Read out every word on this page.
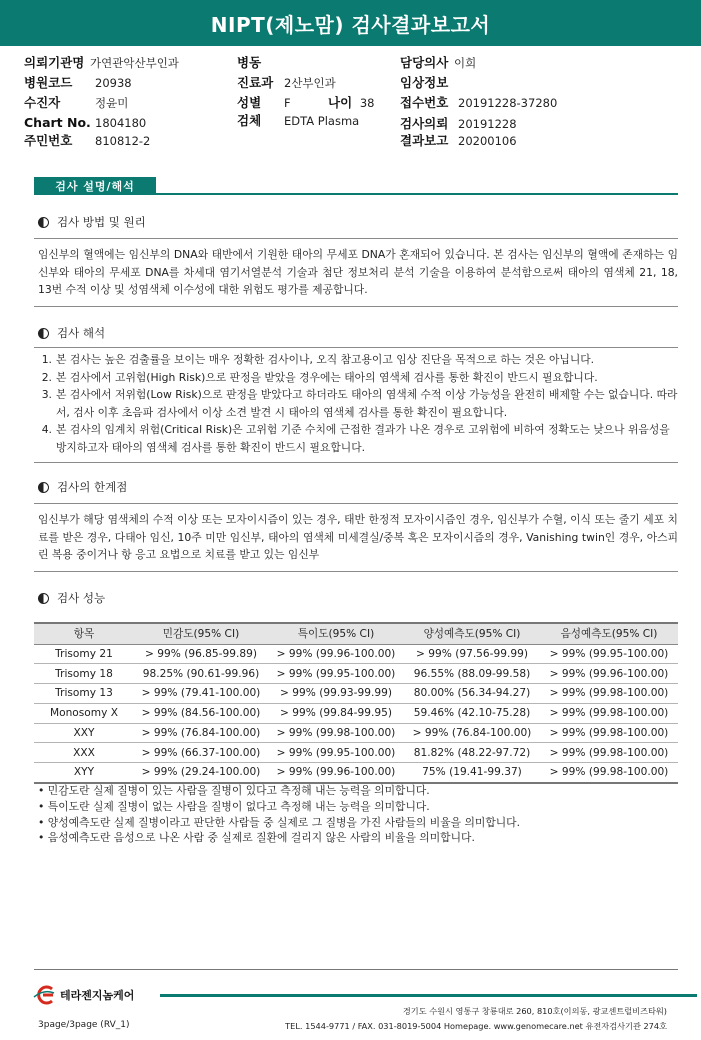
NIPT(제노맘) 검사결과보고서
의뢰기관명 가연관악산부인과
병원코드 20938
수진자	정윤미
Chart No. 1804180
주민번호 810812-2
병동
진료과 2산부인과
성별 F	나이 38
검체 EDTA Plasma
담당의사 이희
임상정보
접수번호 20191228-37280
검사의뢰 20191228
결과보고 20200106
검사 설명/해석
검사 방법 및 원리
임신부의 혈액에는 임신부의 DNA와 태반에서 기원한 태아의 무세포 DNA가 혼재되어 있습니다. 본 검사는 임신부의 혈액에 존재하는 임신부와 태아의 무세포 DNA를 차세대 염기서열분석 기술과 첨단 정보처리 분석 기술을 이용하여 분석함으로써 태아의 염색체 21, 18, 13번 수적 이상 및 성염색체 이수성에 대한 위험도 평가를 제공합니다.
검사 해석
1. 본 검사는 높은 검출률을 보이는 매우 정확한 검사이나, 오직 참고용이고 임상 진단을 목적으로 하는 것은 아닙니다.
2. 본 검사에서 고위험(High Risk)으로 판정을 받았을 경우에는 태아의 염색체 검사를 통한 확진이 반드시 필요합니다.
3. 본 검사에서 저위험(Low Risk)으로 판정을 받았다고 하더라도 태아의 염색체 수적 이상 가능성을 완전히 배제할 수는 없습니다. 따라서, 검사 이후 초음파 검사에서 이상 소견 발견 시 태아의 염색체 검사를 통한 확진이 필요합니다.
4. 본 검사의 임계치 위험(Critical Risk)은 고위험 기준 수치에 근접한 결과가 나온 경우로 고위험에 비하여 정확도는 낮으나 위음성을 방지하고자 태아의 염색체 검사를 통한 확진이 반드시 필요합니다.
검사의 한계점
임신부가 해당 염색체의 수적 이상 또는 모자이시즘이 있는 경우, 태반 한정적 모자이시즘인 경우, 임신부가 수혈, 이식 또는 줄기 세포 치료를 받은 경우, 다태아 임신, 10주 미만 임신부, 태아의 염색체 미세결실/중복 혹은 모자이시즘의 경우, Vanishing twin인 경우, 아스피린 복용 중이거나 항 응고 요법으로 치료를 받고 있는 임신부
검사 성능
항목	민감도(95% CI)	특이도(95% CI)	양성예측도(95% CI)	음성예측도(95% CI)
Trisomy 21	> 99% (96.85-99.89)	> 99% (99.96-100.00)	> 99% (97.56-99.99)	> 99% (99.95-100.00)
Trisomy 18	98.25% (90.61-99.96)	> 99% (99.95-100.00)	96.55% (88.09-99.58)	> 99% (99.96-100.00)
Trisomy 13	> 99% (79.41-100.00)	> 99% (99.93-99.99)	80.00% (56.34-94.27)	> 99% (99.98-100.00)
Monosomy X	> 99% (84.56-100.00)	> 99% (99.84-99.95)	59.46% (42.10-75.28)	> 99% (99.98-100.00)
XXY	> 99% (76.84-100.00)	> 99% (99.98-100.00)	> 99% (76.84-100.00)	> 99% (99.98-100.00)
XXX	> 99% (66.37-100.00)	> 99% (99.95-100.00)	81.82% (48.22-97.72)	> 99% (99.98-100.00)
XYY	> 99% (29.24-100.00)	> 99% (99.96-100.00)	75% (19.41-99.37)	> 99% (99.98-100.00)
• 민감도란 실제 질병이 있는 사람을 질병이 있다고 측정해 내는 능력을 의미합니다.
• 특이도란 실제 질병이 없는 사람을 질병이 없다고 측정해 내는 능력을 의미합니다.
• 양성예측도란 실제 질병이라고 판단한 사람들 중 실제로 그 질병을 가진 사람들의 비율을 의미합니다.
• 음성예측도란 음성으로 나온 사람 중 실제로 질환에 걸리지 않은 사람의 비율을 의미합니다.
테라젠지놈케어
경기도 수원시 영통구 창룡대로 260, 810호(이의동, 광교센트럴비즈타워)
TEL. 1544-9771 / FAX. 031-8019-5004 Homepage. www.genomecare.net 유전자검사기관 274호
3page/3page (RV_1)
